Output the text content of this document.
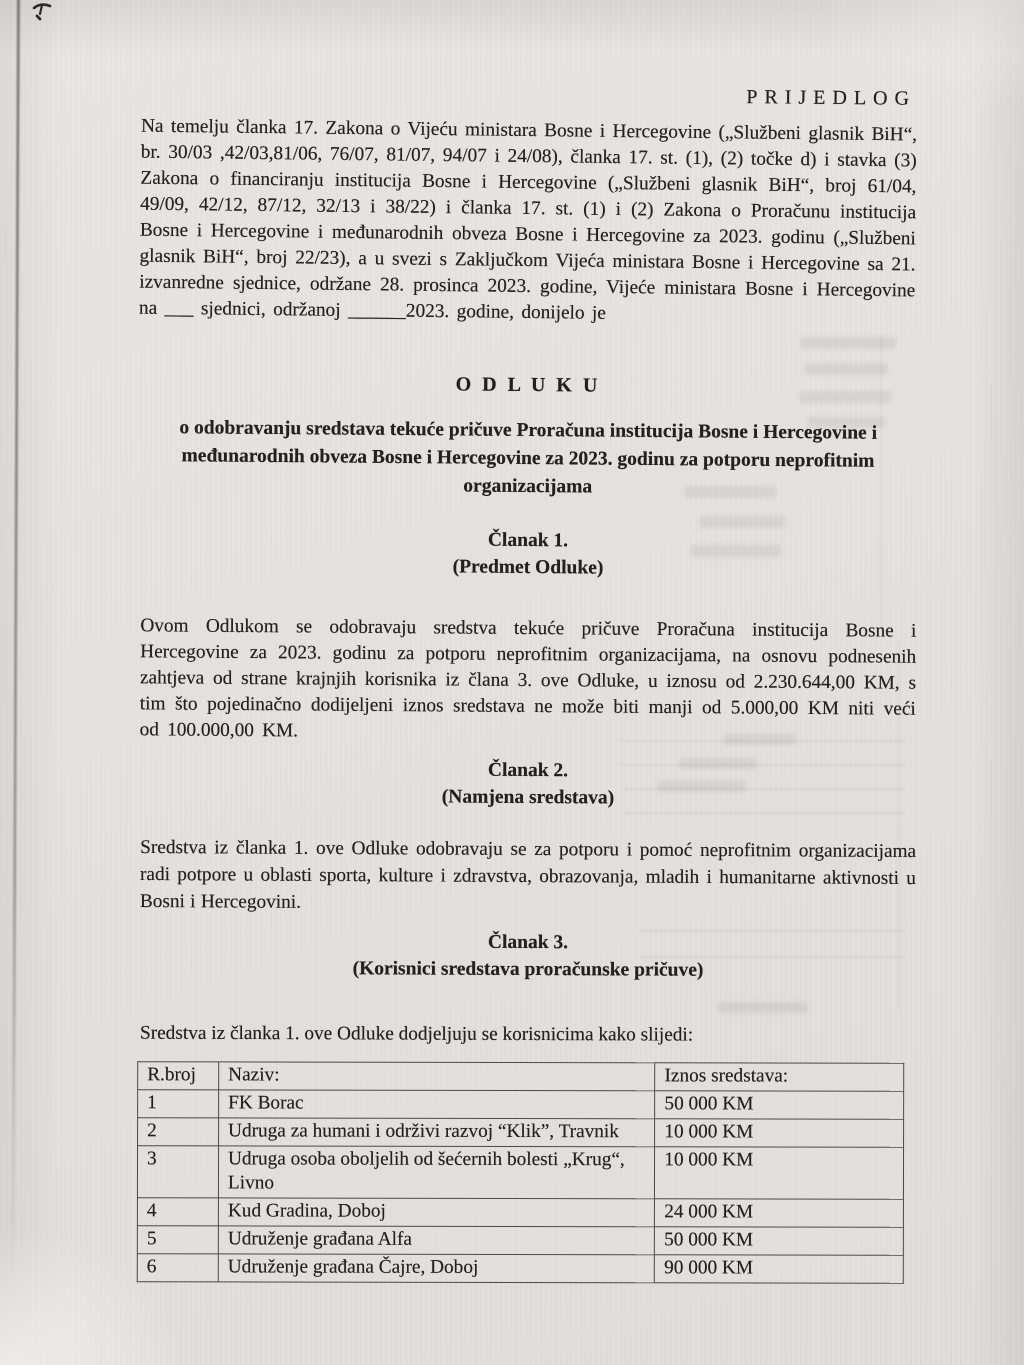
PRIJEDLOG

Na temelju članka 17. Zakona o Vijeću ministara Bosne i Hercegovine („Službeni glasnik BiH“, br. 30/03 ,42/03,81/06, 76/07, 81/07, 94/07 i 24/08), članka 17. st. (1), (2) točke d) i stavka (3) Zakona o financiranju institucija Bosne i Hercegovine („Službeni glasnik BiH“, broj 61/04, 49/09, 42/12, 87/12, 32/13 i 38/22) i članka 17. st. (1) i (2) Zakona o Proračunu institucija Bosne i Hercegovine i međunarodnih obveza Bosne i Hercegovine za 2023. godinu („Službeni glasnik BiH“, broj 22/23), a u svezi s Zaključkom Vijeća ministara Bosne i Hercegovine sa 21. izvanredne sjednice, održane 28. prosinca 2023. godine, Vijeće ministara Bosne i Hercegovine na ___ sjednici, održanoj ______2023. godine, donijelo je

O D L U K U
o odobravanju sredstava tekuće pričuve Proračuna institucija Bosne i Hercegovine i međunarodnih obveza Bosne i Hercegovine za 2023. godinu za potporu neprofitnim organizacijama
Članak 1.
(Predmet Odluke)

Ovom Odlukom se odobravaju sredstva tekuće pričuve Proračuna institucija Bosne i Hercegovine za 2023. godinu za potporu neprofitnim organizacijama, na osnovu podnesenih zahtjeva od strane krajnjih korisnika iz člana 3. ove Odluke, u iznosu od 2.230.644,00 KM, s tim što pojedinačno dodijeljeni iznos sredstava ne može biti manji od 5.000,00 KM niti veći od 100.000,00 KM.

Članak 2.
(Namjena sredstava)

Sredstva iz članka 1. ove Odluke odobravaju se za potporu i pomoć neprofitnim organizacijama radi potpore u oblasti sporta, kulture i zdravstva, obrazovanja, mladih i humanitarne aktivnosti u Bosni i Hercegovini.

Članak 3.
(Korisnici sredstava proračunske pričuve)

Sredstva iz članka 1. ove Odluke dodjeljuju se korisnicima kako slijedi:

R.broj	Naziv:	Iznos sredstava:
1	FK Borac	50 000 KM
2	Udruga za humani i održivi razvoj “Klik”, Travnik	10 000 KM
3	Udruga osoba oboljelih od šećernih bolesti „Krug“, Livno	10 000 KM
4	Kud Gradina, Doboj	24 000 KM
5	Udruženje građana Alfa	50 000 KM
6	Udruženje građana Čajre, Doboj	90 000 KM
